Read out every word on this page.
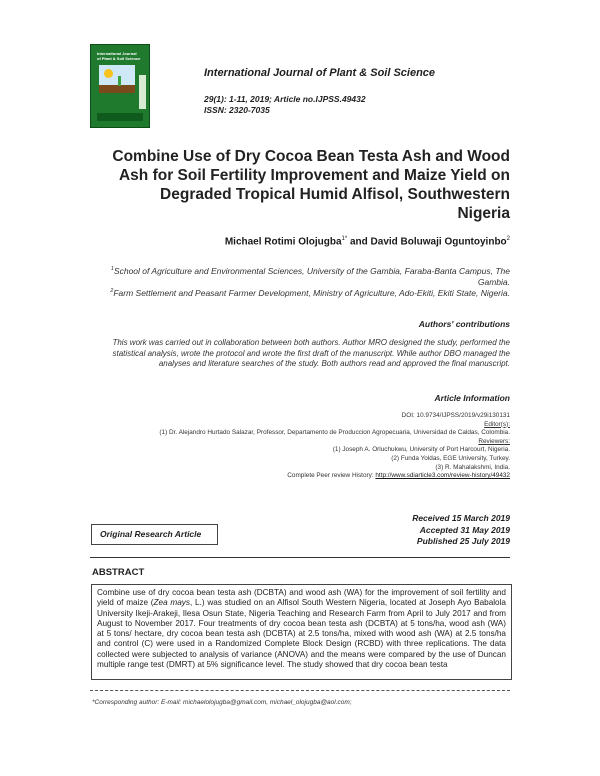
International Journal
of Plant & Soil Science
International Journal of Plant & Soil Science
29(1): 1-11, 2019; Article no.IJPSS.49432
ISSN: 2320-7035
Combine Use of Dry Cocoa Bean Testa Ash and Wood Ash for Soil Fertility Improvement and Maize Yield on Degraded Tropical Humid Alfisol, Southwestern Nigeria
Michael Rotimi Olojugba$^{1*}$ and David Boluwaji Oguntoyinbo$^2$
$^1$School of Agriculture and Environmental Sciences, University of the Gambia, Faraba-Banta Campus, The Gambia.
$^2$Farm Settlement and Peasant Farmer Development, Ministry of Agriculture, Ado-Ekiti, Ekiti State, Nigeria.
Authors' contributions
This work was carried out in collaboration between both authors. Author MRO designed the study, performed the statistical analysis, wrote the protocol and wrote the first draft of the manuscript. While author DBO managed the analyses and literature searches of the study. Both authors read and approved the final manuscript.
Article Information
DOI: 10.9734/IJPSS/2019/v29i130131
Editor(s):
(1) Dr. Alejandro Hurtado Salazar, Professor, Departamento de Produccion Agropecuaria, Universidad de Caldas, Colombia.
Reviewers:
(1) Joseph A. Orluchukwu, University of Port Harcourt, Nigeria.
(2) Funda Yoldas, EGE University, Turkey.
(3) R. Mahalakshmi, India.
Complete Peer review History: http://www.sdiarticle3.com/review-history/49432
Received 15 March 2019
Accepted 31 May 2019
Published 25 July 2019
Original Research Article
ABSTRACT
Combine use of dry cocoa bean testa ash (DCBTA) and wood ash (WA) for the improvement of soil fertility and yield of maize (Zea mays, L.) was studied on an Alfisol South Western Nigeria, located at Joseph Ayo Babalola University Ikeji-Arakeji, Ilesa Osun State, Nigeria Teaching and Research Farm from April to July 2017 and from August to November 2017. Four treatments of dry cocoa bean testa ash (DCBTA) at 5 tons/ha, wood ash (WA) at 5 tons/ hectare, dry cocoa bean testa ash (DCBTA) at 2.5 tons/ha, mixed with wood ash (WA) at 2.5 tons/ha and control (C) were used in a Randomized Complete Block Design (RCBD) with three replications. The data collected were subjected to analysis of variance (ANOVA) and the means were compared by the use of Duncan multiple range test (DMRT) at 5% significance level. The study showed that dry cocoa bean testa
*Corresponding author: E-mail: michaelolojugba@gmail.com, michael_olojugba@aol.com;
